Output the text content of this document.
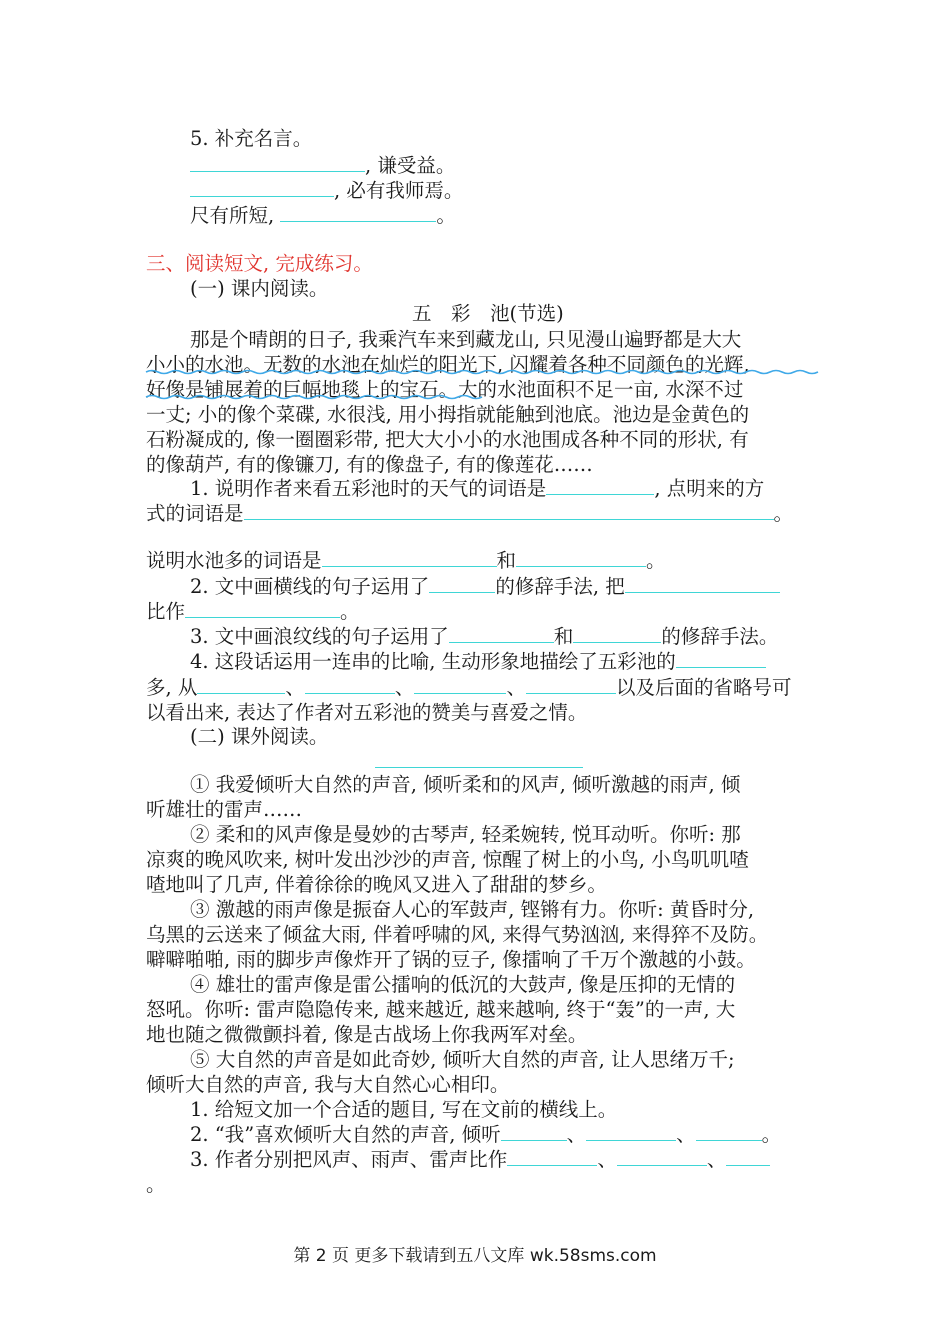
5. 补充名言。
, 谦受益。
, 必有我师焉。
尺有所短,	。
三、阅读短文, 完成练习。
(一) 课内阅读。
五　彩　池(节选)
那是个晴朗的日子, 我乘汽车来到藏龙山, 只见漫山遍野都是大大
小小的水池。无数的水池在灿烂的阳光下, 闪耀着各种不同颜色的光辉,
好像是铺展着的巨幅地毯上的宝石。大的水池面积不足一亩, 水深不过
一丈; 小的像个菜碟, 水很浅, 用小拇指就能触到池底。池边是金黄色的
石粉凝成的, 像一圈圈彩带, 把大大小小的水池围成各种不同的形状, 有
的像葫芦, 有的像镰刀, 有的像盘子, 有的像莲花……
1. 说明作者来看五彩池时的天气的词语是	, 点明来的方
式的词语是	。
说明水池多的词语是	和	。
2. 文中画横线的句子运用了	的修辞手法, 把
比作	。
3. 文中画浪纹线的句子运用了	和	的修辞手法。
4. 这段话运用一连串的比喻, 生动形象地描绘了五彩池的
多, 从	、	、	、	以及后面的省略号可
以看出来, 表达了作者对五彩池的赞美与喜爱之情。
(二) 课外阅读。
① 我爱倾听大自然的声音, 倾听柔和的风声, 倾听激越的雨声, 倾
听雄壮的雷声……
② 柔和的风声像是曼妙的古琴声, 轻柔婉转, 悦耳动听。你听: 那
凉爽的晚风吹来, 树叶发出沙沙的声音, 惊醒了树上的小鸟, 小鸟叽叽喳
喳地叫了几声, 伴着徐徐的晚风又进入了甜甜的梦乡。
③ 激越的雨声像是振奋人心的军鼓声, 铿锵有力。你听: 黄昏时分,
乌黑的云送来了倾盆大雨, 伴着呼啸的风, 来得气势汹汹, 来得猝不及防。
噼噼啪啪, 雨的脚步声像炸开了锅的豆子, 像擂响了千万个激越的小鼓。
④ 雄壮的雷声像是雷公擂响的低沉的大鼓声, 像是压抑的无情的
怒吼。你听: 雷声隐隐传来, 越来越近, 越来越响, 终于“轰”的一声, 大
地也随之微微颤抖着, 像是古战场上你我两军对垒。
⑤ 大自然的声音是如此奇妙, 倾听大自然的声音, 让人思绪万千;
倾听大自然的声音, 我与大自然心心相印。
1. 给短文加一个合适的题目, 写在文前的横线上。
2. “我”喜欢倾听大自然的声音, 倾听	、	、	。
3. 作者分别把风声、雨声、雷声比作	、	、
。
第 2 页 更多下载请到五八文库 wk.58sms.com
